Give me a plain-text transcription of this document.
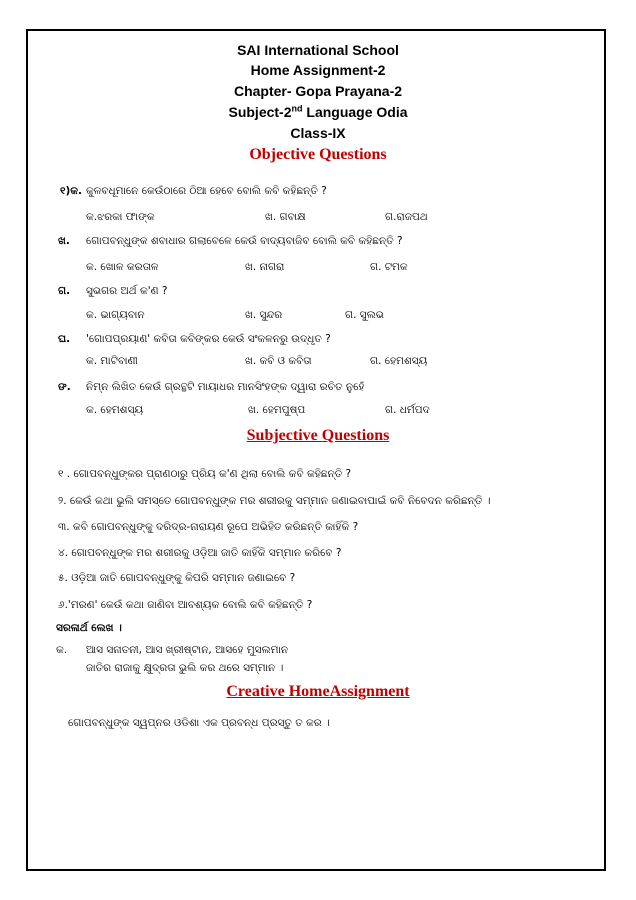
SAI International School
Home Assignment-2
Chapter- Gopa Prayana-2
Subject-2nd Language Odia
Class-IX
Objective Questions
୧)କ. କୁଳବଧୂମାନେ କେଉଁଠାରେ ଠିଆ ହେବେ ବୋଲି କବି କହିଛନ୍ତି ?
କ.ଝରକା ଫାଙ୍କ	ଖ. ଗବାକ୍ଷ	ଗ.ରାଜପଥ
ଖ. ଗୋପବନ୍ଧୁଙ୍କ ଶବାଧାର ଗଲାବେଳେ କେଉଁ ବାଦ୍ୟବାଜିବ ବୋଲି କବି କହିଛନ୍ତି ?
କ. ଖୋଳ କରତାଳ	ଖ. ନାଗରା	ଗ. ଟମକ
ଗ. ସୁଭଗର ଅର୍ଥ କ'ଣ ?
କ. ଭାଗ୍ୟବାନ	ଖ. ସୁନ୍ଦର	ଗ. ସୁଲଭ
ଘ. 'ଗୋପପ୍ରୟାଣ' କବିତା କବିଙ୍କର କେଉଁ ସଂକଳନରୁ ଉଦ୍ଧୃତ ?
କ. ମାଟିବାଣୀ	ଖ. କବି ଓ କବିତା	ଗ. ହେମଶସ୍ୟ
ଙ. ନିମ୍ନ ଲିଖିତ କେଉଁ ଗ୍ରନ୍ଥଟି ମାୟାଧର ମାନସିଂହଙ୍କ ଦ୍ୱାରା ରଚିତ ନୁହେଁ
କ. ହେମଶସ୍ୟ	ଖ. ହେମପୁଷ୍ପ	ଗ. ଧର୍ମପଦ
Subjective Questions
୧ . ଗୋପବନ୍ଧୁଙ୍କର ପ୍ରାଣଠାରୁ ପ୍ରିୟ କ'ଣ ଥିଲା ବୋଲି କବି କହିଛନ୍ତି ?
୨. କେଉଁ କଥା ଭୁଲି ସମସ୍ତେ ଗୋପବନ୍ଧୁଙ୍କ ମର ଶରୀରକୁ ସମ୍ମାନ ଜଣାଇବାପାଇଁ କବି ନିବେଦନ କରିଛନ୍ତି ।
୩. କବି ଗୋପବନ୍ଧୁଙ୍କୁ ଦରିଦ୍ର-ନାରାୟଣ ରୂପେ ଅଭିହିତ କରିଛନ୍ତି କାହିଁକି ?
୪. ଗୋପବନ୍ଧୁଙ୍କ ମର ଶରୀରକୁ ଓଡ଼ିଆ ଜାତି କାହିଁକି ସମ୍ମାନ କରିବେ ?
୫. ଓଡ଼ିଆ ଜାତି ଗୋପବନ୍ଧୁଙ୍କୁ କିପରି ସମ୍ମାନ ଜଣାଇବେ ?
୬.'ମରଣ' କେଉଁ କଥା ଜାଣିବା ଆବଶ୍ୟକ ବୋଲି କବି କହିଛନ୍ତି ?
ସରଳାର୍ଥ ଲେଖ ।
କ. ଆସ ସନାତନୀ, ଆସ ଖ୍ରୀଷ୍ଟାନ, ଆସହେ ମୁସଲମାନ
ଜାତିର ରାଜାକୁ କ୍ଷୁଦ୍ରତା ଭୁଲି କର ଥରେ ସମ୍ମାନ ।
Creative HomeAssignment
ଗୋପବନ୍ଧୁଙ୍କ ସ୍ୱପ୍ନର ଓଡିଶା ଏକ ପ୍ରବନ୍ଧ ପ୍ରସ୍ତୁ ତ କର ।
